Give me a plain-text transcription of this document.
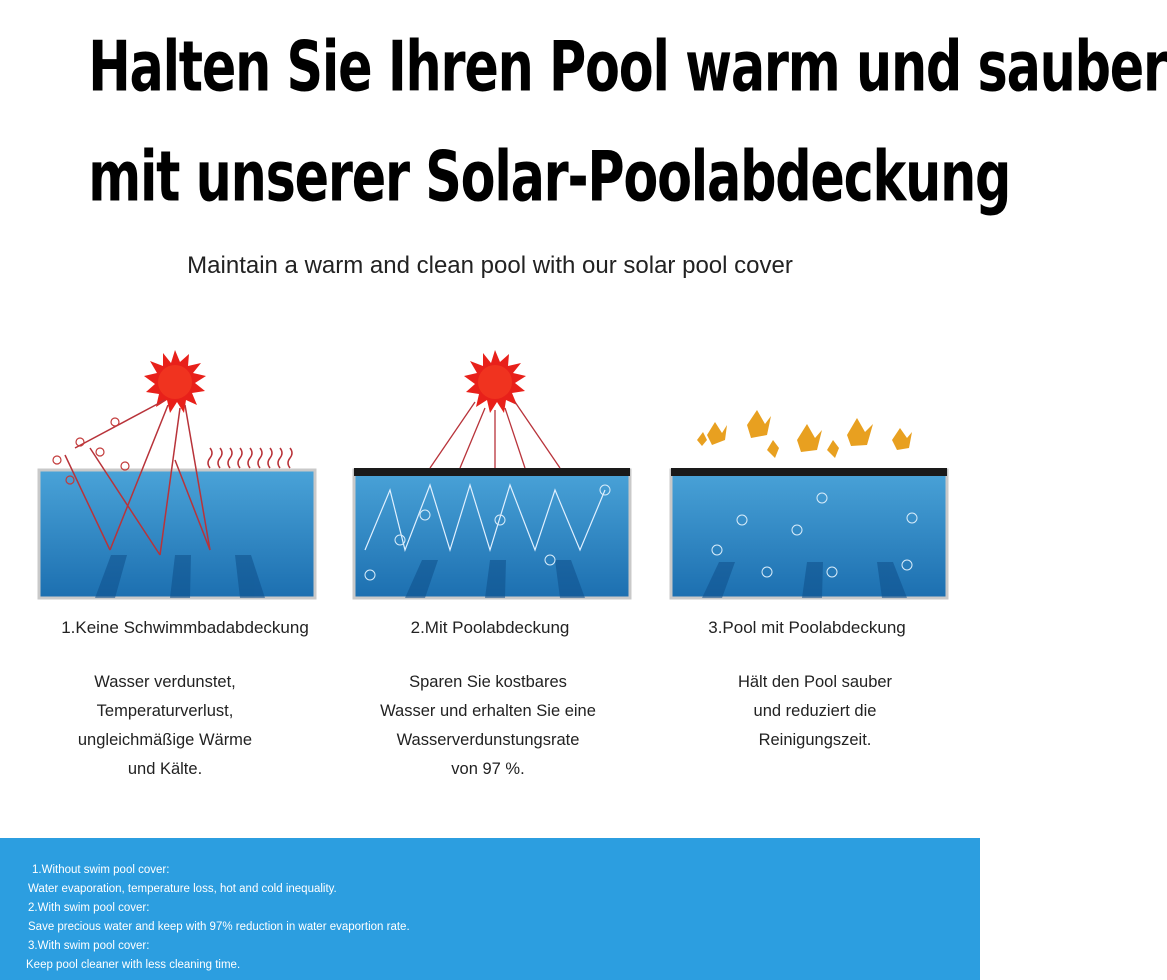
Halten Sie Ihren Pool warm und sauber
mit unserer Solar-Poolabdeckung
Maintain a warm and clean pool with our solar pool cover
1.Keine Schwimmbadabdeckung
Wasser verdunstet,
Temperaturverlust,
ungleichmäßige Wärme
und Kälte.
2.Mit Poolabdeckung
Sparen Sie kostbares
Wasser und erhalten Sie eine
Wasserverdunstungsrate
von 97 %.
3.Pool mit Poolabdeckung
Hält den Pool sauber
und reduziert die
Reinigungszeit.
1.Without swim pool cover:
Water evaporation, temperature loss, hot and cold inequality.
2.With swim pool cover:
Save precious water and keep with 97% reduction in water evaportion rate.
3.With swim pool cover:
Keep pool cleaner with less cleaning time.
